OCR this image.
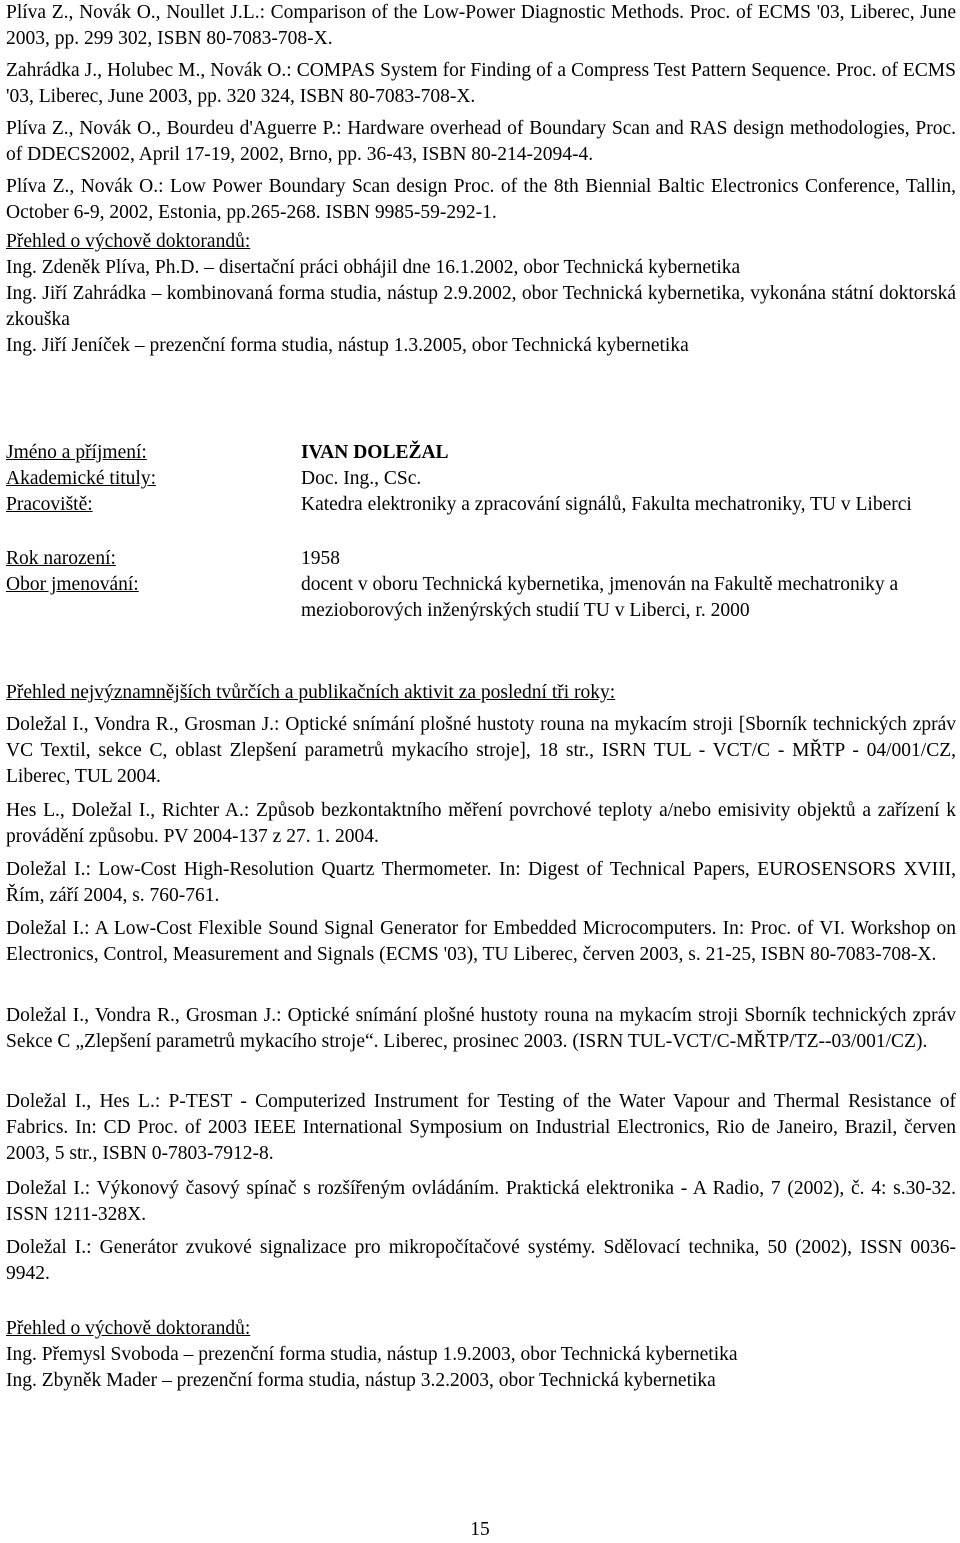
Plíva Z., Novák O., Noullet J.L.: Comparison of the Low-Power Diagnostic Methods. Proc. of ECMS '03, Liberec, June 2003, pp. 299 302, ISBN 80-7083-708-X.

Zahrádka J., Holubec M., Novák O.: COMPAS System for Finding of a Compress Test Pattern Sequence. Proc. of ECMS '03, Liberec, June 2003, pp. 320 324, ISBN 80-7083-708-X.

Plíva Z., Novák O., Bourdeu d'Aguerre P.: Hardware overhead of Boundary Scan and RAS design methodologies, Proc. of DDECS2002, April 17-19, 2002, Brno, pp. 36-43, ISBN 80-214-2094-4.

Plíva Z., Novák O.: Low Power Boundary Scan design Proc. of the 8th Biennial Baltic Electronics Conference, Tallin, October 6-9, 2002, Estonia, pp.265-268. ISBN 9985-59-292-1.

Přehled o výchově doktorandů:

Ing. Zdeněk Plíva, Ph.D. – disertační práci obhájil dne 16.1.2002, obor Technická kybernetika

Ing. Jiří Zahrádka – kombinovaná forma studia, nástup 2.9.2002, obor Technická kybernetika, vykonána státní doktorská zkouška

Ing. Jiří Jeníček – prezenční forma studia, nástup 1.3.2005, obor Technická kybernetika

Jméno a příjmení:	IVAN DOLEŽAL
Akademické tituly:	Doc. Ing., CSc.
Pracoviště:	Katedra elektroniky a zpracování signálů, Fakulta mechatroniky, TU v Liberci
Rok narození:	1958
Obor jmenování:	docent v oboru Technická kybernetika, jmenován na Fakultě mechatroniky a mezioborových inženýrských studií TU v Liberci, r. 2000

Přehled nejvýznamnějších tvůrčích a publikačních aktivit za poslední tři roky:

Doležal I., Vondra R., Grosman J.: Optické snímání plošné hustoty rouna na mykacím stroji [Sborník technických zpráv VC Textil, sekce C, oblast Zlepšení parametrů mykacího stroje], 18 str., ISRN TUL - VCT/C - MŘTP - 04/001/CZ, Liberec, TUL 2004.

Hes L., Doležal I., Richter A.: Způsob bezkontaktního měření povrchové teploty a/nebo emisivity objektů a zařízení k provádění způsobu. PV 2004-137 z 27. 1. 2004.

Doležal I.: Low-Cost High-Resolution Quartz Thermometer. In: Digest of Technical Papers, EUROSENSORS XVIII, Řím, září 2004, s. 760-761.

Doležal I.: A Low-Cost Flexible Sound Signal Generator for Embedded Microcomputers. In: Proc. of VI. Workshop on Electronics, Control, Measurement and Signals (ECMS '03), TU Liberec, červen 2003, s. 21-25, ISBN 80-7083-708-X.

Doležal I., Vondra R., Grosman J.: Optické snímání plošné hustoty rouna na mykacím stroji Sborník technických zpráv Sekce C „Zlepšení parametrů mykacího stroje“. Liberec, prosinec 2003. (ISRN TUL-VCT/C-MŘTP/TZ--03/001/CZ).

Doležal I., Hes L.: P-TEST - Computerized Instrument for Testing of the Water Vapour and Thermal Resistance of Fabrics. In: CD Proc. of 2003 IEEE International Symposium on Industrial Electronics, Rio de Janeiro, Brazil, červen 2003, 5 str., ISBN 0-7803-7912-8.

Doležal I.: Výkonový časový spínač s rozšířeným ovládáním. Praktická elektronika - A Radio, 7 (2002), č. 4: s.30-32. ISSN 1211-328X.

Doležal I.: Generátor zvukové signalizace pro mikropočítačové systémy. Sdělovací technika, 50 (2002), ISSN 0036-9942.

Přehled o výchově doktorandů:

Ing. Přemysl Svoboda – prezenční forma studia, nástup 1.9.2003, obor Technická kybernetika

Ing. Zbyněk Mader – prezenční forma studia, nástup 3.2.2003, obor Technická kybernetika

15
